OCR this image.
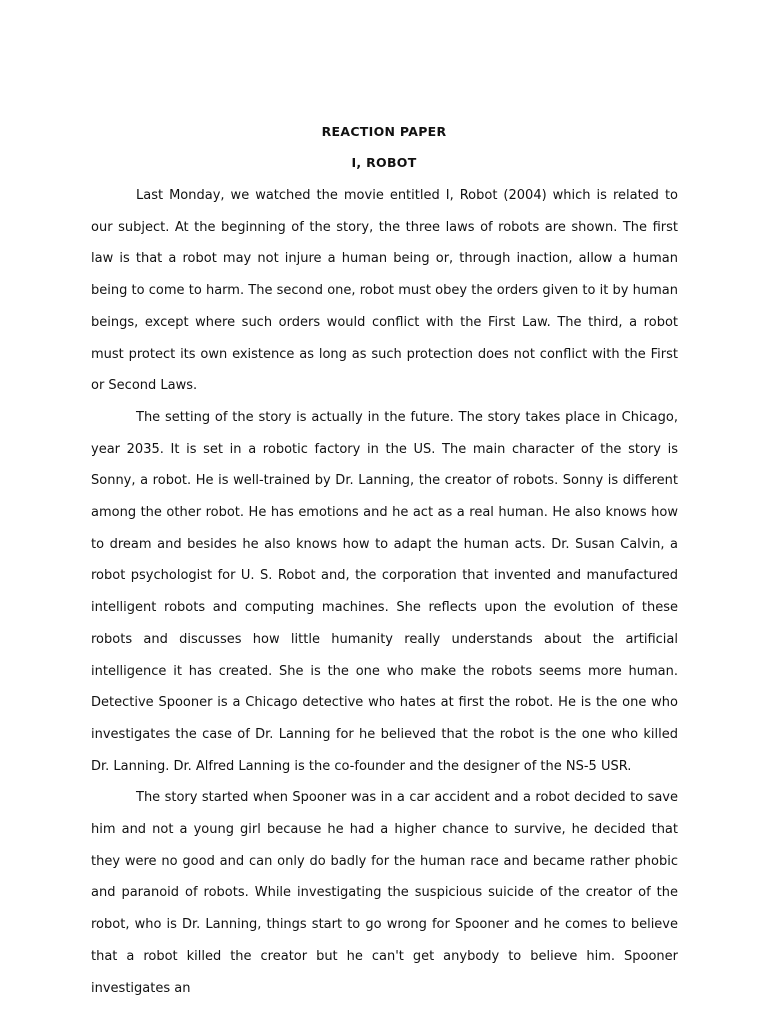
REACTION PAPER
I, ROBOT

Last Monday, we watched the movie entitled I, Robot (2004) which is related to our subject. At the beginning of the story, the three laws of robots are shown. The first law is that a robot may not injure a human being or, through inaction, allow a human being to come to harm. The second one, robot must obey the orders given to it by human beings, except where such orders would conflict with the First Law. The third, a robot must protect its own existence as long as such protection does not conflict with the First or Second Laws.

The setting of the story is actually in the future. The story takes place in Chicago, year 2035. It is set in a robotic factory in the US. The main character of the story is Sonny, a robot. He is well-trained by Dr. Lanning, the creator of robots. Sonny is different among the other robot. He has emotions and he act as a real human. He also knows how to dream and besides he also knows how to adapt the human acts. Dr. Susan Calvin, a robot psychologist for U. S. Robot and, the corporation that invented and manufactured intelligent robots and computing machines. She reflects upon the evolution of these robots and discusses how little humanity really understands about the artificial intelligence it has created. She is the one who make the robots seems more human. Detective Spooner is a Chicago detective who hates at first the robot. He is the one who investigates the case of Dr. Lanning for he believed that the robot is the one who killed Dr. Lanning. Dr. Alfred Lanning is the co-founder and the designer of the NS-5 USR.

The story started when Spooner was in a car accident and a robot decided to save him and not a young girl because he had a higher chance to survive, he decided that they were no good and can only do badly for the human race and became rather phobic and paranoid of robots. While investigating the suspicious suicide of the creator of the robot, who is Dr. Lanning, things start to go wrong for Spooner and he comes to believe that a robot killed the creator but he can't get anybody to believe him. Spooner investigates an
